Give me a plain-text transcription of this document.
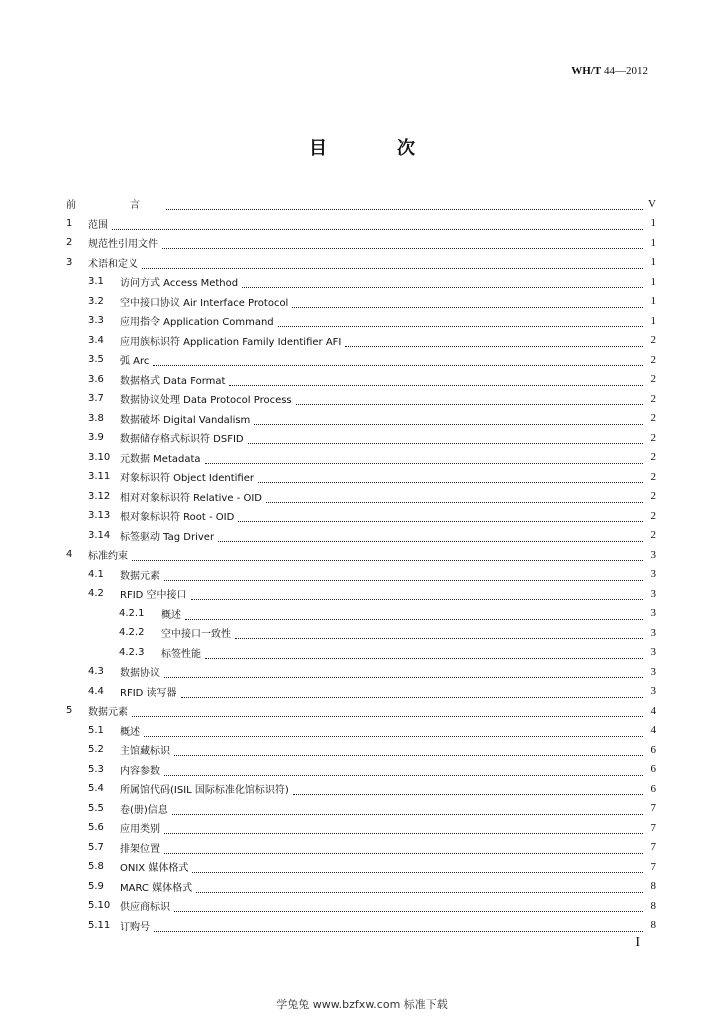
WH/T 44—2012
目　次
前　言	V
1	范围	1
2	规范性引用文件	1
3	术语和定义	1
3.1	访问方式 Access Method	1
3.2	空中接口协议 Air Interface Protocol	1
3.3	应用指令 Application Command	1
3.4	应用族标识符 Application Family Identifier AFI	2
3.5	弧 Arc	2
3.6	数据格式 Data Format	2
3.7	数据协议处理 Data Protocol Process	2
3.8	数据破坏 Digital Vandalism	2
3.9	数据储存格式标识符 DSFID	2
3.10 元数据 Metadata	2
3.11 对象标识符 Object Identifier	2
3.12 相对对象标识符 Relative - OID	2
3.13 根对象标识符 Root - OID	2
3.14 标签驱动 Tag Driver	2
4	标准约束	3
4.1	数据元素	3
4.2	RFID 空中接口	3
4.2.1	概述	3
4.2.2	空中接口一致性	3
4.2.3	标签性能	3
4.3	数据协议	3
4.4	RFID 读写器	3
5	数据元素	4
5.1	概述	4
5.2	主馆藏标识	6
5.3	内容参数	6
5.4	所属馆代码(ISIL 国际标准化馆标识符)	6
5.5	卷(册)信息	7
5.6	应用类别	7
5.7	排架位置	7
5.8	ONIX 媒体格式	7
5.9	MARC 媒体格式	8
5.10 供应商标识	8
5.11 订购号	8
I
学兔兔 www.bzfxw.com 标准下载
